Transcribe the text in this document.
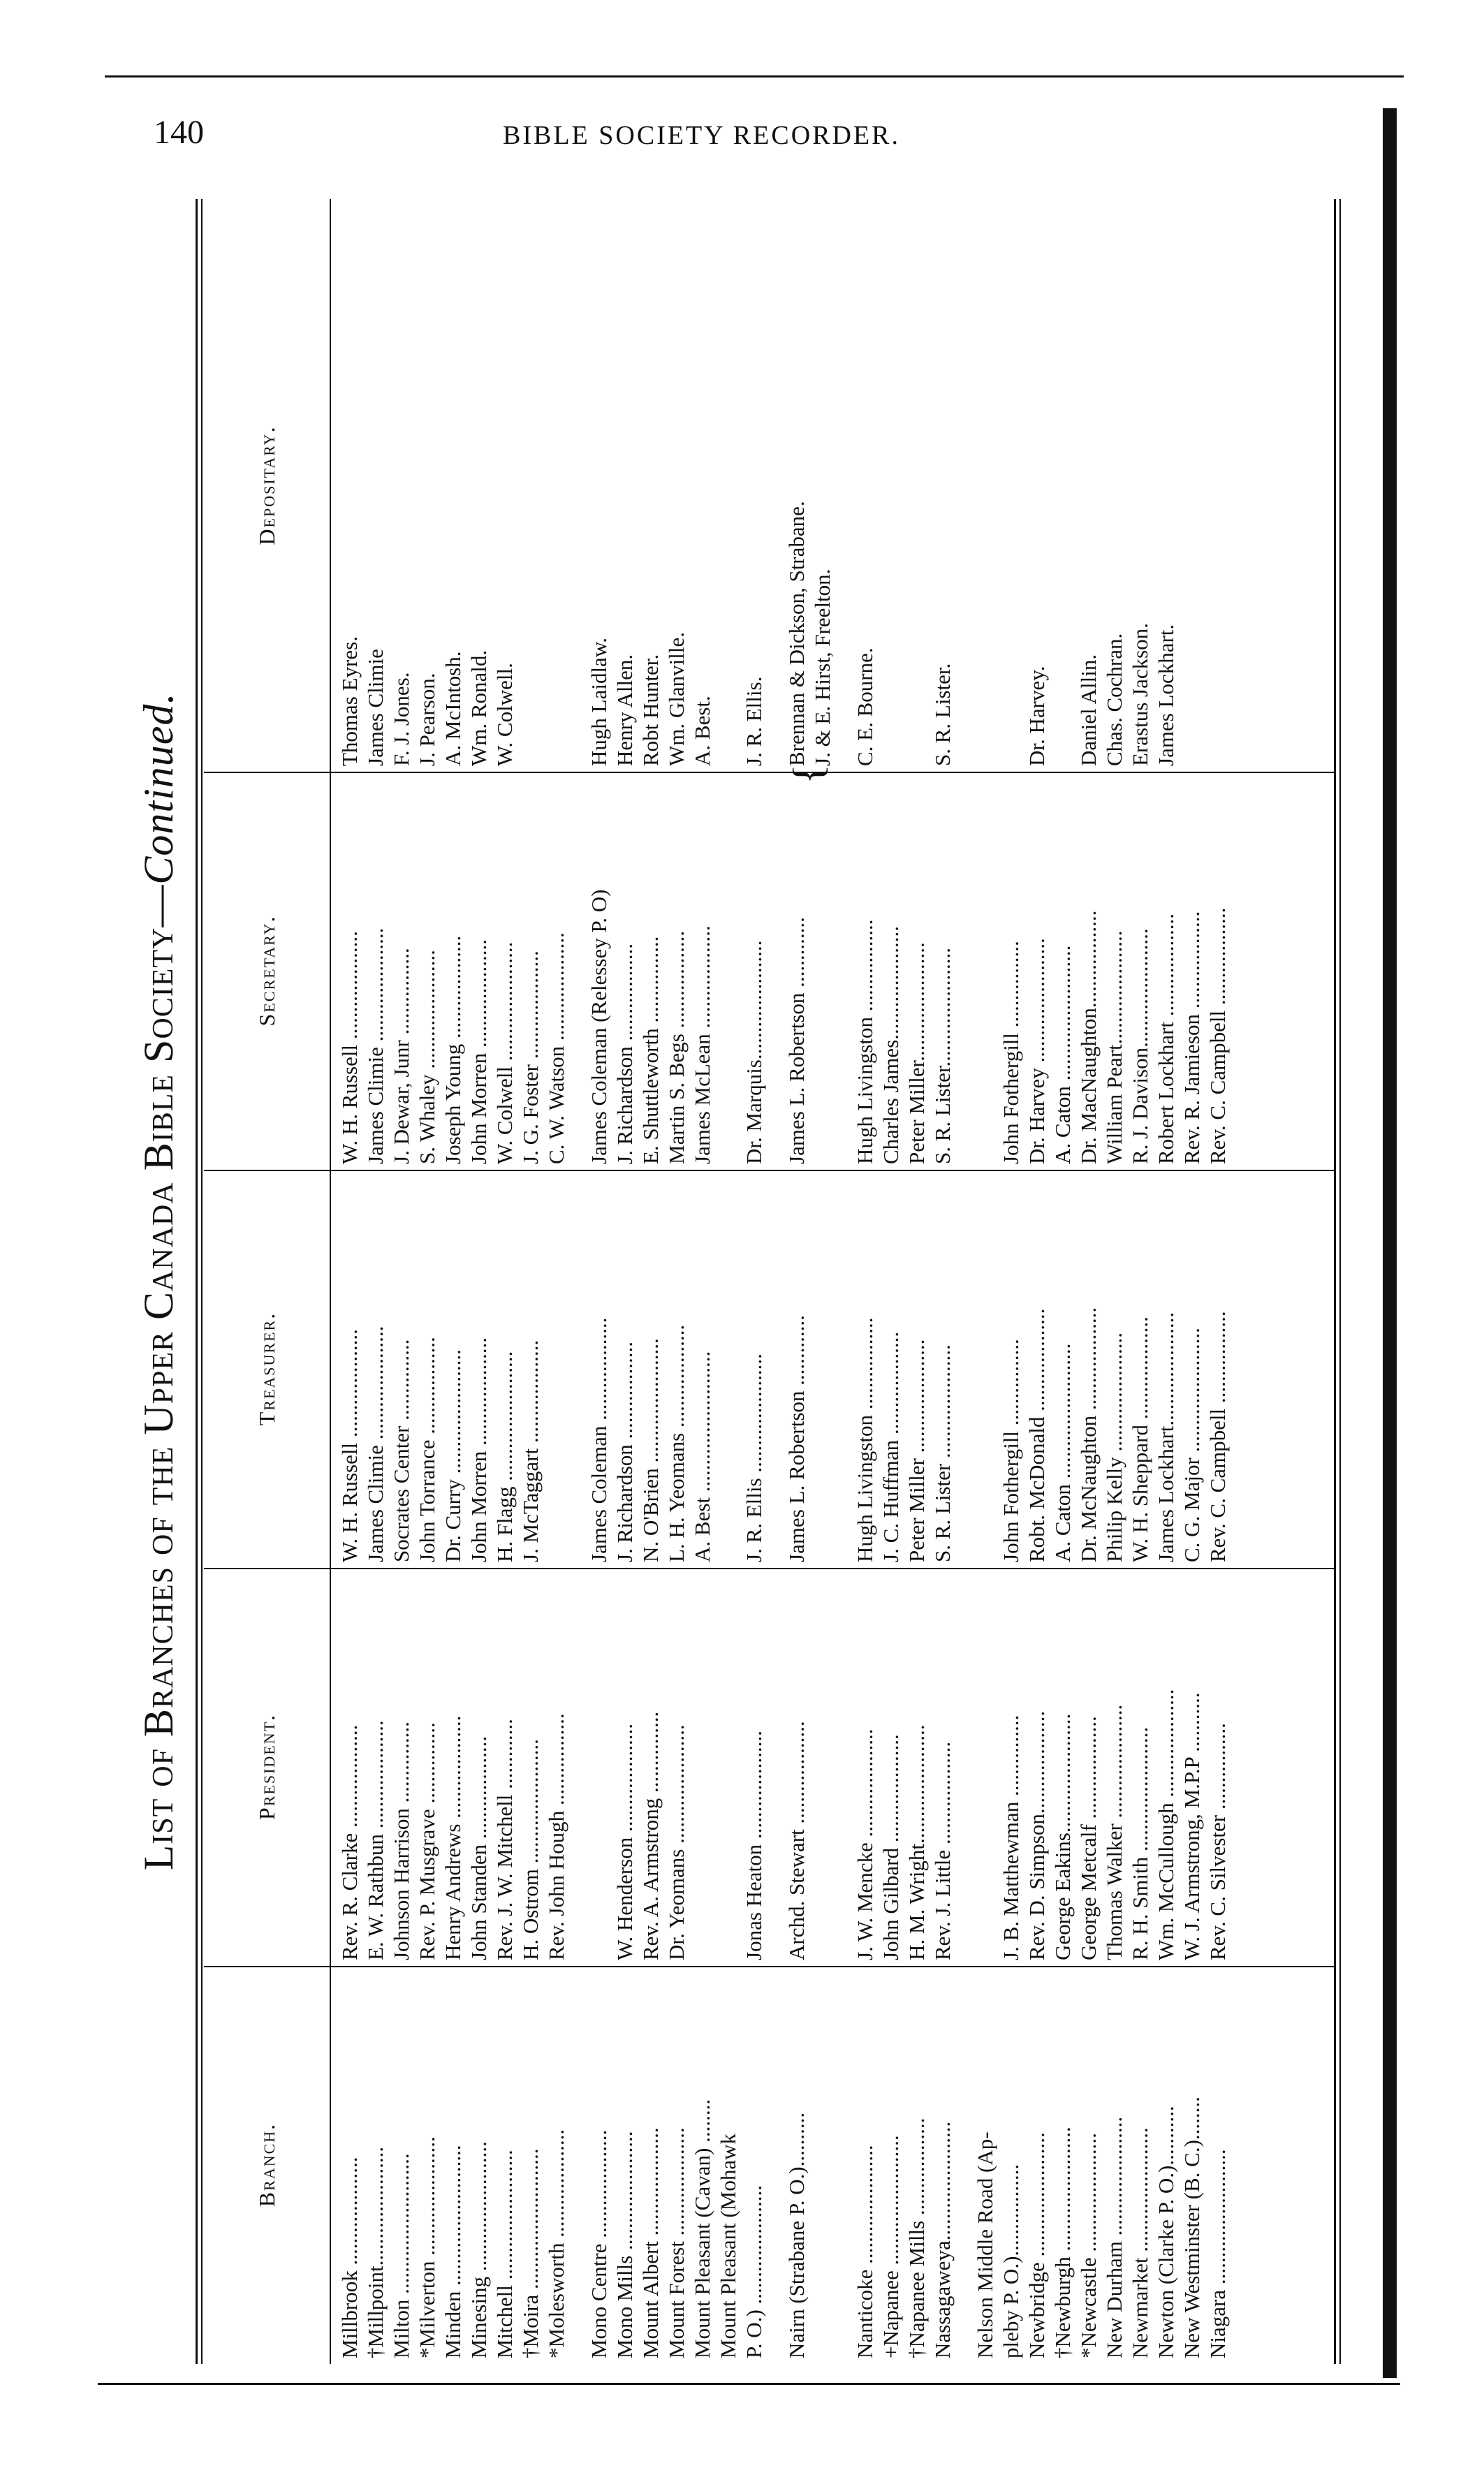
140	BIBLE SOCIETY RECORDER.
List of Branches of the Upper Canada Bible Society—Continued.
Branch.
President.
Treasurer.
Secretary.
Depositary.
Millbrook ....................
Rev. R. Clarke ...................
W. H. Russell ....................
W. H. Russell ....................
Thomas Eyres.
†Millpoint......................
E. W. Rathbun ....................
James Climie .....................
James Climie .....................
James Climie
Milton ..........................
Johnson Harrison ...............
Socrates Center ...............
J. Dewar, Junr ................
F. J. Jones.
*Milverton ......................
Rev. P. Musgrave ...............
John Torrance ..................
S. Whaley ......................
J. Pearson.
Minden ..........................
Henry Andrews ...................
Dr. Curry .......................
Joseph Young ...................
A. McIntosh.
Minesing ........................
John Standen ...................
John Morren ....................
John Morren ....................
Wm. Ronald.
Mitchell ........................
Rev. J. W. Mitchell .............
H. Flagg ........................
W. Colwell ......................
W. Colwell.
†Moira ..........................
H. Ostrom .......................
J. McTaggart ...................
J. G. Foster ....................
*Molesworth ....................
Rev. John Hough .................
C. W. Watson ....................
Mono Centre ....................
James Coleman ...................
James Coleman (Relessey P. O)
Hugh Laidlaw.
Mono Mills ......................
W. Henderson ....................
J. Richardson ..................
J. Richardson ..................
Henry Allen.
Mount Albert ....................
Rev. A. Armstrong ...............
N. O'Brien .......................
E. Shuttleworth ................
Robt Hunter.
Mount Forest ....................
Dr. Yeomans ......................
L. H. Yeomans ...................
Martin S. Begs ..................
Wm. Glanville.
Mount Pleasant (Cavan) ........
A. Best ..........................
James McLean ...................
A. Best.
Mount Pleasant (Mohawk P. O.) ......................
Jonas Heaton ....................
J. R. Ellis ......................
Dr. Marquis......................
J. R. Ellis.
Nairn (Strabane P. O.)..........
Archd. Stewart ...................
James L. Robertson .............
James L. Robertson .............
Brennan & Dickson, Strabane.
{
J. & E. Hirst, Freelton.
Nanticoke ......................
J. W. Mencke ....................
Hugh Livingston .................
Hugh Livingston .................
C. E. Bourne.
+Napanee ........................
John Gilbard ....................
J. C. Huffman ...................
Charles James.....................
†Napanee Mills ..................
H. M. Wright......................
Peter Miller .....................
Peter Miller......................
Nassagaweya......................
Rev. J. Little ...................
S. R. Lister .....................
S. R. Lister......................
S. R. Lister.
Nelson Middle Road (Ap- pleby P. O.).................
J. B. Matthewman ...............
John Fothergill ................
John Fothergill ................
Newbridge .......................
Rev. D. Simpson...................
Robt. McDonald ...................
Dr. Harvey .......................
Dr. Harvey.
†Newburgh .......................
George Eakins......................
A. Caton .........................
A. Caton .........................
*Newcastle ......................
George Metcalf ...................
Dr. McNaughton ...................
Dr. MacNaughton..................
Daniel Allin.
New Durham ......................
Thomas Walker .....................
Philip Kelly ......................
William Peart.....................
Chas. Cochran.
Newmarket .......................
R. H. Smith .......................
W. H. Sheppard ...................
R. J. Davison......................
Erastus Jackson.
Newton (Clarke P. O.)...........
Wm. McCullough ....................
James Lockhart.....................
Robert Lockhart ...................
James Lockhart.
New Westminster (B. C.)........
W. J. Armstrong, M.P.P ...........
C. G. Major .......................
Rev. R. Jamieson ..................
Niagara .........................
Rev. C. Silvester ................
Rev. C. Campbell .................
Rev. C. Campbell ..................
